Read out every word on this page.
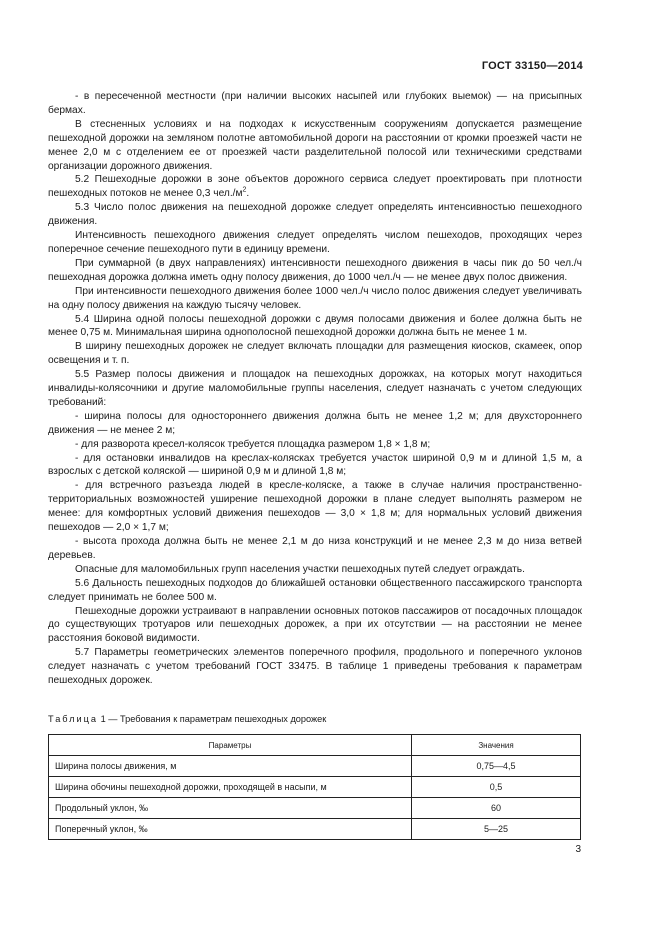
ГОСТ 33150—2014

- в пересеченной местности (при наличии высоких насыпей или глубоких выемок) — на присыпных бермах.

В стесненных условиях и на подходах к искусственным сооружениям допускается размещение пешеходной дорожки на земляном полотне автомобильной дороги на расстоянии от кромки проезжей части не менее 2,0 м с отделением ее от проезжей части разделительной полосой или техническими средствами организации дорожного движения.

5.2 Пешеходные дорожки в зоне объектов дорожного сервиса следует проектировать при плотности пешеходных потоков не менее 0,3 $чел./м^2$.

5.3 Число полос движения на пешеходной дорожке следует определять интенсивностью пешеходного движения.

Интенсивность пешеходного движения следует определять числом пешеходов, проходящих через поперечное сечение пешеходного пути в единицу времени.

При суммарной (в двух направлениях) интенсивности пешеходного движения в часы пик до 50 чел./ч пешеходная дорожка должна иметь одну полосу движения, до 1000 чел./ч — не менее двух полос движения.

При интенсивности пешеходного движения более 1000 чел./ч число полос движения следует увеличивать на одну полосу движения на каждую тысячу человек.

5.4 Ширина одной полосы пешеходной дорожки с двумя полосами движения и более должна быть не менее 0,75 м. Минимальная ширина однополосной пешеходной дорожки должна быть не менее 1 м.

В ширину пешеходных дорожек не следует включать площадки для размещения киосков, скамеек, опор освещения и т. п.

5.5 Размер полосы движения и площадок на пешеходных дорожках, на которых могут находиться инвалиды-колясочники и другие маломобильные группы населения, следует назначать с учетом следующих требований:

- ширина полосы для одностороннего движения должна быть не менее 1,2 м; для двухстороннего движения — не менее 2 м;

- для разворота кресел-колясок требуется площадка размером 1,8 × 1,8 м;

- для остановки инвалидов на креслах-колясках требуется участок шириной 0,9 м и длиной 1,5 м, а взрослых с детской коляской — шириной 0,9 м и длиной 1,8 м;

- для встречного разъезда людей в кресле-коляске, а также в случае наличия пространственно-территориальных возможностей уширение пешеходной дорожки в плане следует выполнять размером не менее: для комфортных условий движения пешеходов — 3,0 × 1,8 м; для нормальных условий движения пешеходов — 2,0 × 1,7 м;

- высота прохода должна быть не менее 2,1 м до низа конструкций и не менее 2,3 м до низа ветвей деревьев.

Опасные для маломобильных групп населения участки пешеходных путей следует ограждать.

5.6 Дальность пешеходных подходов до ближайшей остановки общественного пассажирского транспорта следует принимать не более 500 м.

Пешеходные дорожки устраивают в направлении основных потоков пассажиров от посадочных площадок до существующих тротуаров или пешеходных дорожек, а при их отсутствии — на расстоянии не менее расстояния боковой видимости.

5.7 Параметры геометрических элементов поперечного профиля, продольного и поперечного уклонов следует назначать с учетом требований ГОСТ 33475. В таблице 1 приведены требования к параметрам пешеходных дорожек.

Таблица 1 — Требования к параметрам пешеходных дорожек
Параметры	Значения
Ширина полосы движения, м	0,75—4,5
Ширина обочины пешеходной дорожки, проходящей в насыпи, м	0,5
Продольный уклон, ‰	60
Поперечный уклон, ‰	5—25
3
